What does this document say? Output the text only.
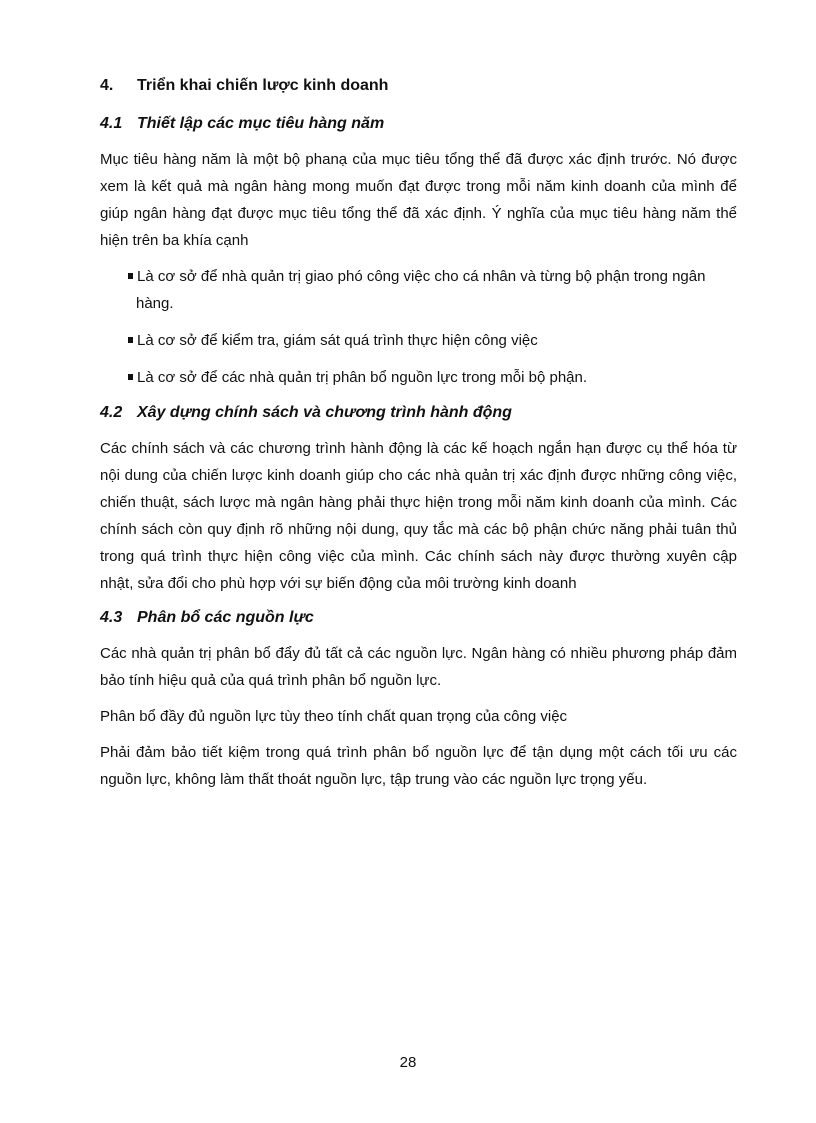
4.	Triển khai chiến lược kinh doanh
4.1 Thiết lập các mục tiêu hàng năm

Mục tiêu hàng năm là một bộ phanạ của mục tiêu tổng thể đã được xác định trước. Nó được xem là kết quả mà ngân hàng mong muốn đạt được trong mỗi năm kinh doanh của mình để giúp ngân hàng đạt được mục tiêu tổng thể đã xác định. Ý nghĩa của mục tiêu hàng năm thể hiện trên ba khía cạnh

Là cơ sở để nhà quản trị giao phó công việc cho cá nhân và từng bộ phận trong ngân hàng.
Là cơ sở để kiểm tra, giám sát quá trình thực hiện công việc
Là cơ sở để các nhà quản trị phân bổ nguồn lực trong mỗi bộ phận.
4.2 Xây dựng chính sách và chương trình hành động

Các chính sách và các chương trình hành động là các kế hoạch ngắn hạn được cụ thể hóa từ nội dung của chiến lược kinh doanh giúp cho các nhà quản trị xác định được những công việc, chiến thuật, sách lược mà ngân hàng phải thực hiện trong mỗi năm kinh doanh của mình. Các chính sách còn quy định rõ những nội dung, quy tắc mà các bộ phận chức năng phải tuân thủ trong quá trình thực hiện công việc của mình. Các chính sách này được thường xuyên cập nhật, sửa đổi cho phù hợp với sự biến động của môi trường kinh doanh

4.3 Phân bổ các nguồn lực

Các nhà quản trị phân bổ đẩy đủ tất cả các nguồn lực. Ngân hàng có nhiều phương pháp đảm bảo tính hiệu quả của quá trình phân bổ nguồn lực.

Phân bổ đầy đủ nguồn lực tùy theo tính chất quan trọng của công việc

Phải đảm bảo tiết kiệm trong quá trình phân bổ nguồn lực để tận dụng một cách tối ưu các nguồn lực, không làm thất thoát nguồn lực, tập trung vào các nguồn lực trọng yếu.

28
